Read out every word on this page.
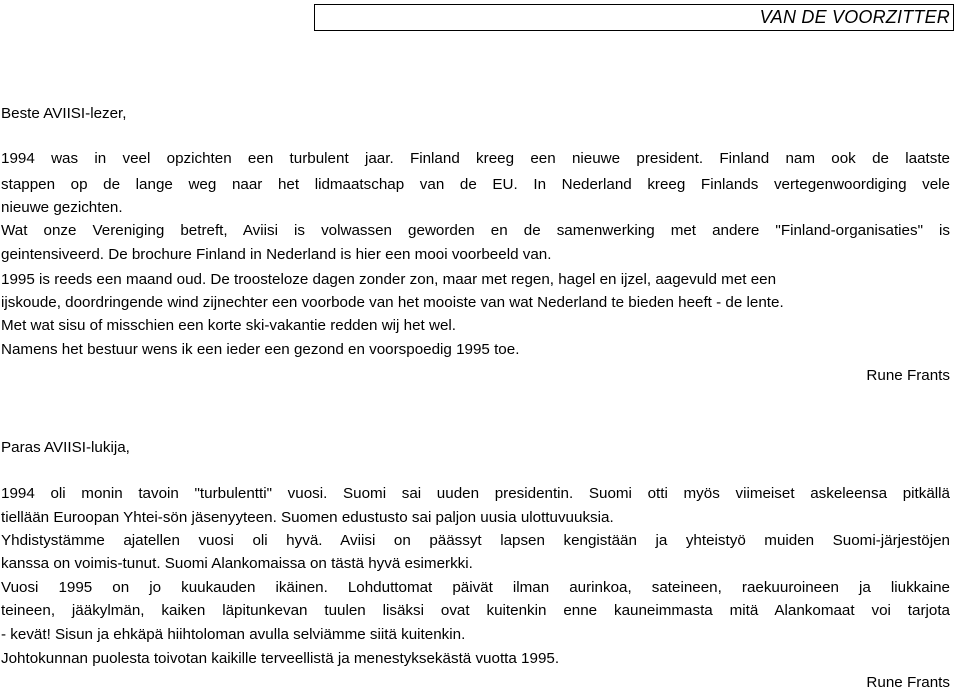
VAN DE VOORZITTER
Beste AVIISI-lezer,
1994 was in veel opzichten een turbulent jaar. Finland kreeg een nieuwe president. Finland nam ook de laatste
stappen op de lange weg naar het lidmaatschap van de EU. In Nederland kreeg Finlands vertegenwoordiging vele
nieuwe gezichten.
Wat onze Vereniging betreft, Aviisi is volwassen geworden en de samenwerking met andere "Finland-organisaties" is
geintensiveerd. De brochure Finland in Nederland is hier een mooi voorbeeld van.
1995 is reeds een maand oud. De troosteloze dagen zonder zon, maar met regen, hagel en ijzel, aagevuld met een
ijskoude, doordringende wind zijnechter een voorbode van het mooiste van wat Nederland te bieden heeft - de lente.
Met wat sisu of misschien een korte ski-vakantie redden wij het wel.
Namens het bestuur wens ik een ieder een gezond en voorspoedig 1995 toe.
Rune Frants
Paras AVIISI-lukija,
1994 oli monin tavoin "turbulentti" vuosi. Suomi sai uuden presidentin. Suomi otti myös viimeiset askeleensa pitkällä
tiellään Euroopan Yhtei-sön jäsenyyteen. Suomen edustusto sai paljon uusia ulottuvuuksia.
Yhdistystämme ajatellen vuosi oli hyvä. Aviisi on päässyt lapsen kengistään ja yhteistyö muiden Suomi-järjestöjen
kanssa on voimis-tunut. Suomi Alankomaissa on tästä hyvä esimerkki.
Vuosi 1995 on jo kuukauden ikäinen. Lohduttomat päivät ilman aurinkoa, sateineen, raekuuroineen ja liukkaine
teineen, jääkylmän, kaiken läpitunkevan tuulen lisäksi ovat kuitenkin enne kauneimmasta mitä Alankomaat voi tarjota
- kevät! Sisun ja ehkäpä hiihtoloman avulla selviämme siitä kuitenkin.
Johtokunnan puolesta toivotan kaikille terveellistä ja menestyksekästä vuotta 1995.
Rune Frants
